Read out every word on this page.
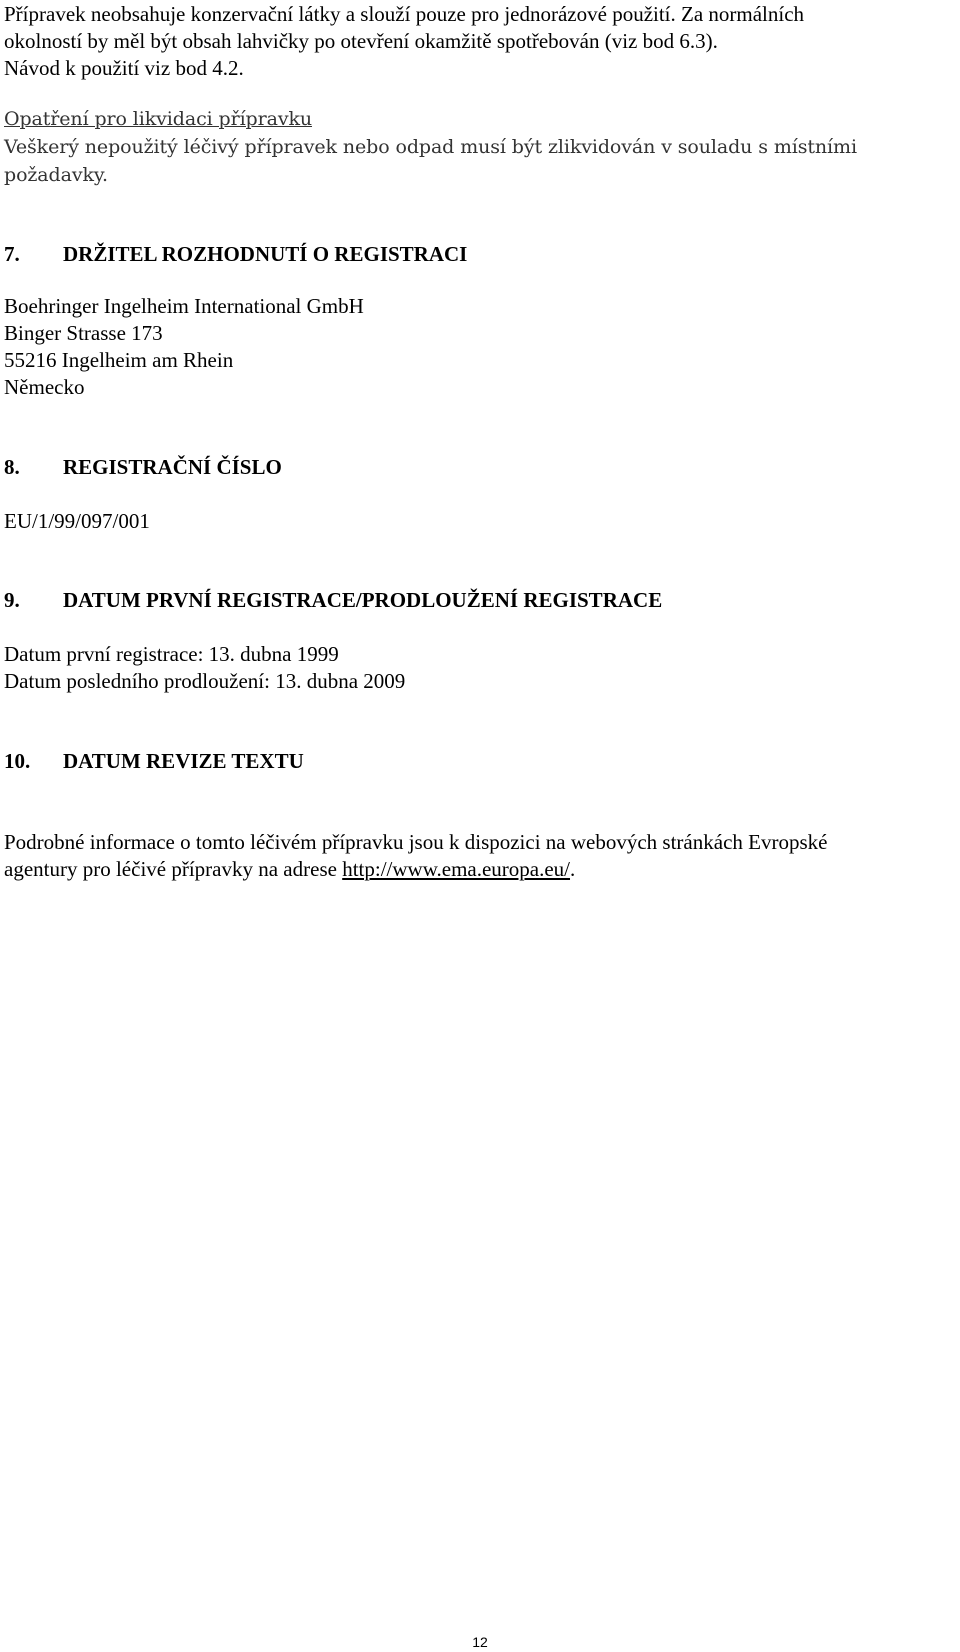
Přípravek neobsahuje konzervační látky a slouží pouze pro jednorázové použití. Za normálních
okolností by měl být obsah lahvičky po otevření okamžitě spotřebován (viz bod 6.3).
Návod k použití viz bod 4.2.
Opatření pro likvidaci přípravku
Veškerý nepoužitý léčivý přípravek nebo odpad musí být zlikvidován v souladu s místními
požadavky.
7. DRŽITEL ROZHODNUTÍ O REGISTRACI
Boehringer Ingelheim International GmbH
Binger Strasse 173
55216 Ingelheim am Rhein
Německo
8. REGISTRAČNÍ ČÍSLO
EU/1/99/097/001
9. DATUM PRVNÍ REGISTRACE/PRODLOUŽENÍ REGISTRACE
Datum první registrace: 13. dubna 1999
Datum posledního prodloužení: 13. dubna 2009
10. DATUM REVIZE TEXTU
Podrobné informace o tomto léčivém přípravku jsou k dispozici na webových stránkách Evropské
agentury pro léčivé přípravky na adrese http://www.ema.europa.eu/.
12
